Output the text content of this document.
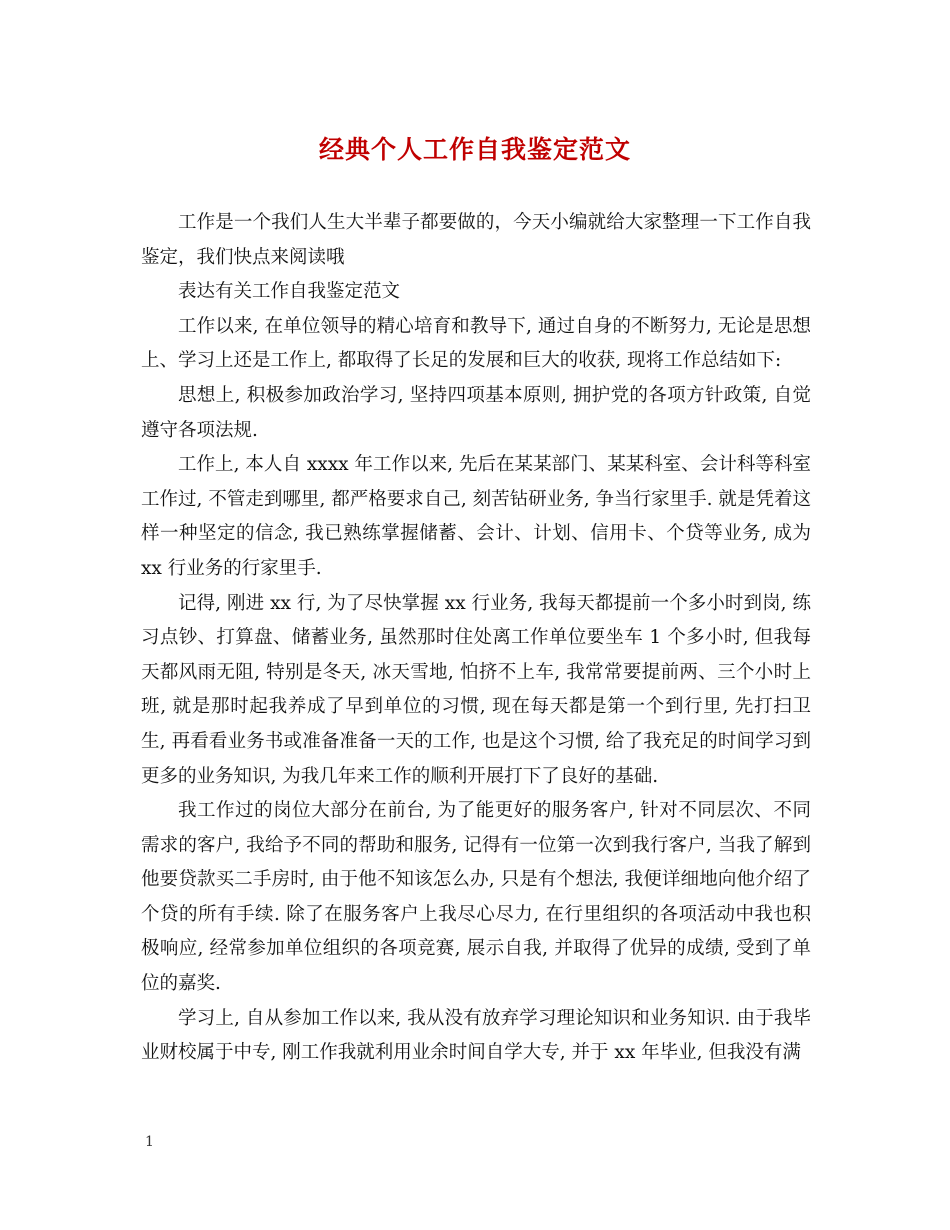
经典个人工作自我鉴定范文

工作是一个我们人生大半辈子都要做的，今天小编就给大家整理一下工作自我鉴定，我们快点来阅读哦

表达有关工作自我鉴定范文

工作以来, 在单位领导的精心培育和教导下, 通过自身的不断努力, 无论是思想上、学习上还是工作上, 都取得了长足的发展和巨大的收获, 现将工作总结如下:

思想上, 积极参加政治学习, 坚持四项基本原则, 拥护党的各项方针政策, 自觉遵守各项法规.

工作上, 本人自 xxxx 年工作以来, 先后在某某部门、某某科室、会计科等科室工作过, 不管走到哪里, 都严格要求自己, 刻苦钻研业务, 争当行家里手. 就是凭着这样一种坚定的信念, 我已熟练掌握储蓄、会计、计划、信用卡、个贷等业务, 成为 xx 行业务的行家里手.

记得, 刚进 xx 行, 为了尽快掌握 xx 行业务, 我每天都提前一个多小时到岗, 练习点钞、打算盘、储蓄业务, 虽然那时住处离工作单位要坐车 1 个多小时, 但我每天都风雨无阻, 特别是冬天, 冰天雪地, 怕挤不上车, 我常常要提前两、三个小时上班, 就是那时起我养成了早到单位的习惯, 现在每天都是第一个到行里, 先打扫卫生, 再看看业务书或准备准备一天的工作, 也是这个习惯, 给了我充足的时间学习到更多的业务知识, 为我几年来工作的顺利开展打下了良好的基础.

我工作过的岗位大部分在前台, 为了能更好的服务客户, 针对不同层次、不同需求的客户, 我给予不同的帮助和服务, 记得有一位第一次到我行客户, 当我了解到他要贷款买二手房时, 由于他不知该怎么办, 只是有个想法, 我便详细地向他介绍了个贷的所有手续. 除了在服务客户上我尽心尽力, 在行里组织的各项活动中我也积极响应, 经常参加单位组织的各项竞赛, 展示自我, 并取得了优异的成绩, 受到了单位的嘉奖.

学习上, 自从参加工作以来, 我从没有放弃学习理论知识和业务知识. 由于我毕业财校属于中专, 刚工作我就利用业余时间自学大专, 并于 xx 年毕业, 但我没有满

1
